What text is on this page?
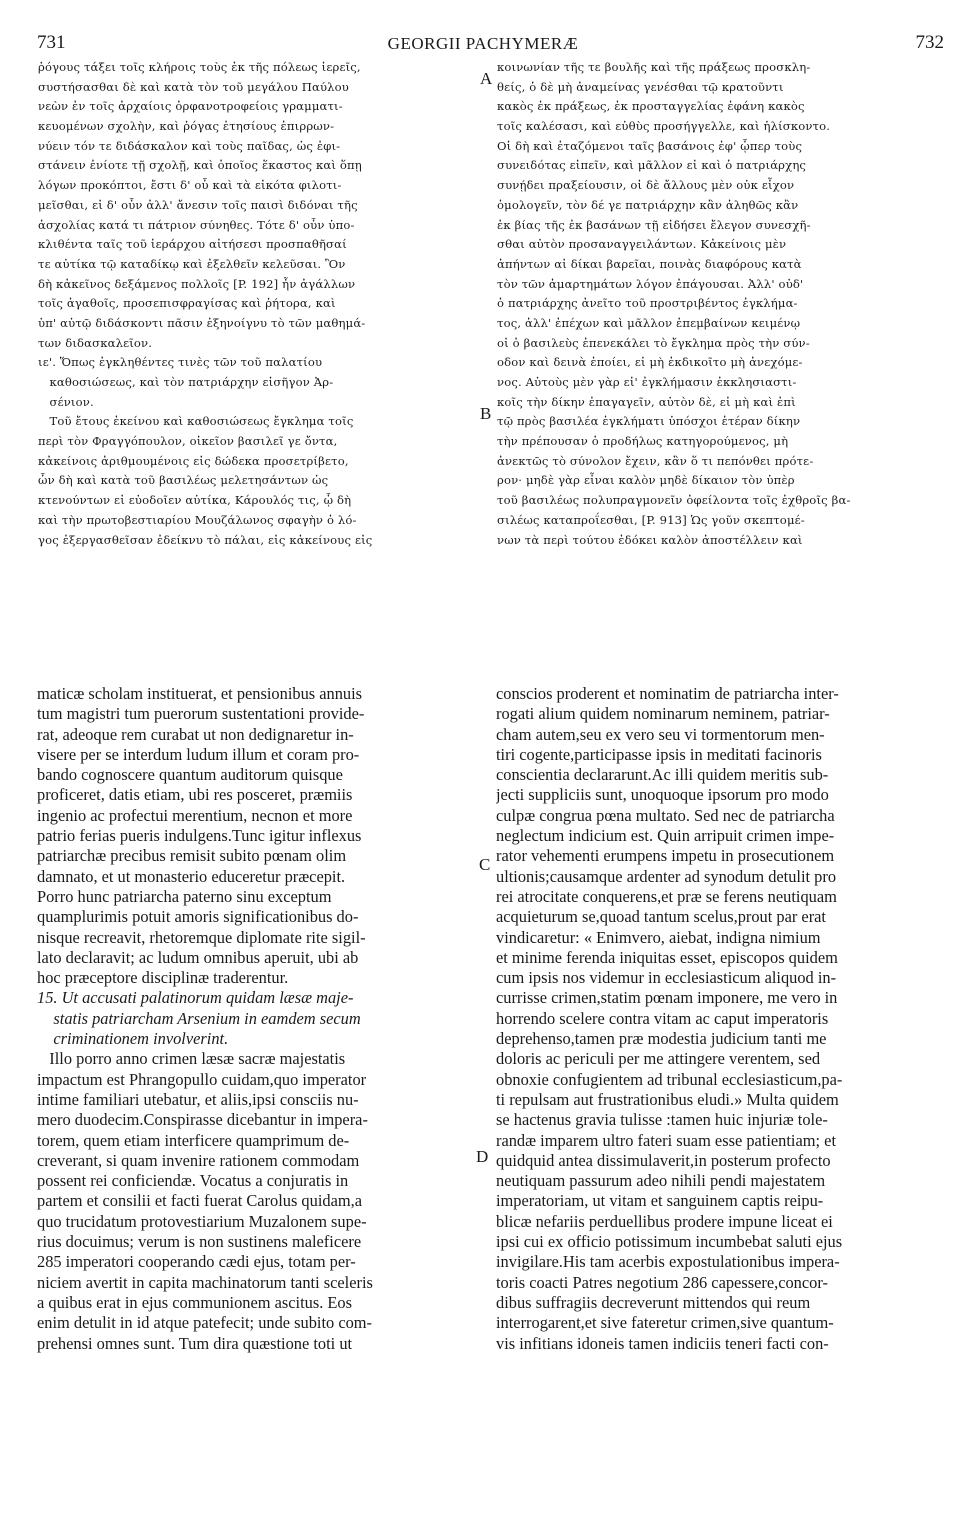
731	GEORGII PACHYMERÆ	732
ῥόγους τάξει τοῖς κλήροις τοὺς ἐκ τῆς πόλεως ἱερεῖς,
συστήσασθαι δὲ καὶ κατὰ τὸν τοῦ μεγάλου Παύλου
νεὼν ἐν τοῖς ἀρχαίοις ὀρφανοτροφείοις γραμματι-
κευομένων σχολὴν, καὶ ῥόγας ἐτησίους ἐπιρρων-
νύειν τόν τε διδάσκαλον καὶ τοὺς παῖδας, ὡς ἐφι-
στάνειν ἐνίοτε τῇ σχολῇ, καὶ ὁποῖος ἕκαστος καὶ ὅπῃ
λόγων προκόπτοι, ἔστι δ' οὗ καὶ τὰ εἰκότα φιλοτι-
μεῖσθαι, εἰ δ' οὖν ἀλλ' ἄνεσιν τοῖς παισὶ διδόναι τῆς
ἀσχολίας κατά τι πάτριον σύνηθες. Τότε δ' οὖν ὑπο-
κλιθέντα ταῖς τοῦ ἱεράρχου αἰτήσεσι προσπαθῆσαί
τε αὐτίκα τῷ καταδίκῳ καὶ ἐξελθεῖν κελεῦσαι. Ὃν
δὴ κἀκεῖνος δεξάμενος πολλοῖς [P. 192] ἦν ἀγάλλων
τοῖς ἀγαθοῖς, προσεπισφραγίσας καὶ ῥήτορα, καὶ
ὑπ' αὐτῷ διδάσκοντι πᾶσιν ἐξηνοίγνυ τὸ τῶν μαθημά-
των διδασκαλεῖον.
ιε'. Ὅπως ἐγκληθέντες τινὲς τῶν τοῦ παλατίου
καθοσιώσεως, καὶ τὸν πατριάρχην εἰσῆγον Ἀρ-
σένιον.
Τοῦ ἔτους ἐκείνου καὶ καθοσιώσεως ἔγκλημα τοῖς
περὶ τὸν Φραγγόπουλον, οἰκεῖον βασιλεῖ γε ὄντα,
κἀκείνοις ἀριθμουμένοις εἰς δώδεκα προσετρίβετο,
ὧν δὴ καὶ κατὰ τοῦ βασιλέως μελετησάντων ὡς
κτενούντων εἰ εὐοδοῖεν αὐτίκα, Κάρουλός τις, ᾧ δὴ
καὶ τὴν πρωτοβεστιαρίου Μουζάλωνος σφαγὴν ὁ λό-
γος ἐξεργασθεῖσαν ἐδείκνυ τὸ πάλαι, εἰς κἀκείνους εἰς
κοινωνίαν τῆς τε βουλῆς καὶ τῆς πράξεως προσκλη-
θείς, ὁ δὲ μὴ ἀναμείνας γενέσθαι τῷ κρατοῦντι
κακὸς ἐκ πράξεως, ἐκ προσταγγελίας ἐφάνη κακὸς
τοῖς καλέσασι, καὶ εὐθὺς προσήγγελλε, καὶ ἡλίσκοντο.
Οἱ δὴ καὶ ἐταζόμενοι ταῖς βασάνοις ἐφ' ᾧπερ τοὺς
συνειδότας εἰπεῖν, καὶ μᾶλλον εἰ καὶ ὁ πατριάρχης
συνῄδει πραξείουσιν, οἱ δὲ ἄλλους μὲν οὐκ εἶχον
ὁμολογεῖν, τὸν δέ γε πατριάρχην κἂν ἀληθῶς κἂν
ἐκ βίας τῆς ἐκ βασάνων τῇ εἰδήσει ἔλεγον συνεσχῆ-
σθαι αὐτὸν προσαναγγειλάντων. Κἀκείνοις μὲν
ἀπήντων αἱ δίκαι βαρεῖαι, ποινὰς διαφόρους κατὰ
τὸν τῶν ἁμαρτημάτων λόγον ἐπάγουσαι. Ἀλλ' οὐδ'
ὁ πατριάρχης ἀνεῖτο τοῦ προστριβέντος ἐγκλήμα-
τος, ἀλλ' ἐπέχων καὶ μᾶλλον ἐπεμβαίνων κειμένῳ
οἱ ὁ βασιλεὺς ἐπενεκάλει τὸ ἔγκλημα πρὸς τὴν σύν-
οδον καὶ δεινὰ ἐποίει, εἰ μὴ ἐκδικοῖτο μὴ ἀνεχόμε-
νος. Αὐτοὺς μὲν γὰρ εἰ' ἐγκλήμασιν ἐκκλησιαστι-
κοῖς τὴν δίκην ἐπαγαγεῖν, αὐτὸν δὲ, εἰ μὴ καὶ ἐπὶ
τῷ πρὸς βασιλέα ἐγκλήματι ὑπόσχοι ἑτέραν δίκην
τὴν πρέπουσαν ὁ προδήλως κατηγορούμενος, μὴ
ἀνεκτῶς τὸ σύνολον ἔχειν, κἂν ὅ τι πεπόνθει πρότε-
ρον· μηδὲ γὰρ εἶναι καλὸν μηδὲ δίκαιον τὸν ὑπὲρ
τοῦ βασιλέως πολυπραγμονεῖν ὀφείλοντα τοῖς ἐχθροῖς βα-
σιλέως καταπροΐεσθαι, [P. 913] Ὡς γοῦν σκεπτομέ-
νων τὰ περὶ τούτου ἐδόκει καλὸν ἀποστέλλειν καὶ
maticæ scholam instituerat, et pensionibus annuis
tum magistri tum puerorum sustentationi provide-
rat, adeoque rem curabat ut non dedignaretur in-
visere per se interdum ludum illum et coram pro-
bando cognoscere quantum auditorum quisque
proficeret, datis etiam, ubi res posceret, præmiis
ingenio ac profectui merentium, necnon et more
patrio ferias pueris indulgens.Tunc igitur inflexus
patriarchæ precibus remisit subito pœnam olim
damnato, et ut monasterio educeretur præcepit.
Porro hunc patriarcha paterno sinu exceptum
quamplurimis potuit amoris significationibus do-
nisque recreavit, rhetoremque diplomate rite sigil-
lato declaravit; ac ludum omnibus aperuit, ubi ab
hoc præceptore disciplinæ traderentur.
15. Ut accusati palatinorum quidam læsæ maje-
statis patriarcham Arsenium in eamdem secum
criminationem involverint.
Illo porro anno crimen læsæ sacræ majestatis
impactum est Phrangopullo cuidam,quo imperator
intime familiari utebatur, et aliis,ipsi consciis nu-
mero duodecim.Conspirasse dicebantur in impera-
torem, quem etiam interficere quamprimum de-
creverant, si quam invenire rationem commodam
possent rei conficiendæ. Vocatus a conjuratis in
partem et consilii et facti fuerat Carolus quidam,a
quo trucidatum protovestiarium Muzalonem supe-
rius docuimus; verum is non sustinens maleficere
285 imperatori cooperando cædi ejus, totam per-
niciem avertit in capita machinatorum tanti sceleris
a quibus erat in ejus communionem ascitus. Eos
enim detulit in id atque patefecit; unde subito com-
prehensi omnes sunt. Tum dira quæstione toti ut
conscios proderent et nominatim de patriarcha inter-
rogati alium quidem nominarum neminem, patriar-
cham autem,seu ex vero seu vi tormentorum men-
tiri cogente,participasse ipsis in meditati facinoris
conscientia declararunt.Ac illi quidem meritis sub-
jecti suppliciis sunt, unoquoque ipsorum pro modo
culpæ congrua pœna multato. Sed nec de patriarcha
neglectum indicium est. Quin arripuit crimen impe-
rator vehementi erumpens impetu in prosecutionem
ultionis;causamque ardenter ad synodum detulit pro
rei atrocitate conquerens,et præ se ferens neutiquam
acquieturum se,quoad tantum scelus,prout par erat
vindicaretur: « Enimvero, aiebat, indigna nimium
et minime ferenda iniquitas esset, episcopos quidem
cum ipsis nos videmur in ecclesiasticum aliquod in-
currisse crimen,statim pœnam imponere, me vero in
horrendo scelere contra vitam ac caput imperatoris
deprehenso,tamen præ modestia judicium tanti me
doloris ac periculi per me attingere verentem, sed
obnoxie confugientem ad tribunal ecclesiasticum,pa-
ti repulsam aut frustrationibus eludi.» Multa quidem
se hactenus gravia tulisse :tamen huic injuriæ tole-
randæ imparem ultro fateri suam esse patientiam; et
quidquid antea dissimulaverit,in posterum profecto
neutiquam passurum adeo nihili pendi majestatem
imperatoriam, ut vitam et sanguinem captis reipu-
blicæ nefariis perduellibus prodere impune liceat ei
ipsi cui ex officio potissimum incumbebat saluti ejus
invigilare.His tam acerbis expostulationibus impera-
toris coacti Patres negotium 286 capessere,concor-
dibus suffragiis decreverunt mittendos qui reum
interrogarent,et sive fateretur crimen,sive quantum-
vis infitians idoneis tamen indiciis teneri facti con-
A
B
C
D
